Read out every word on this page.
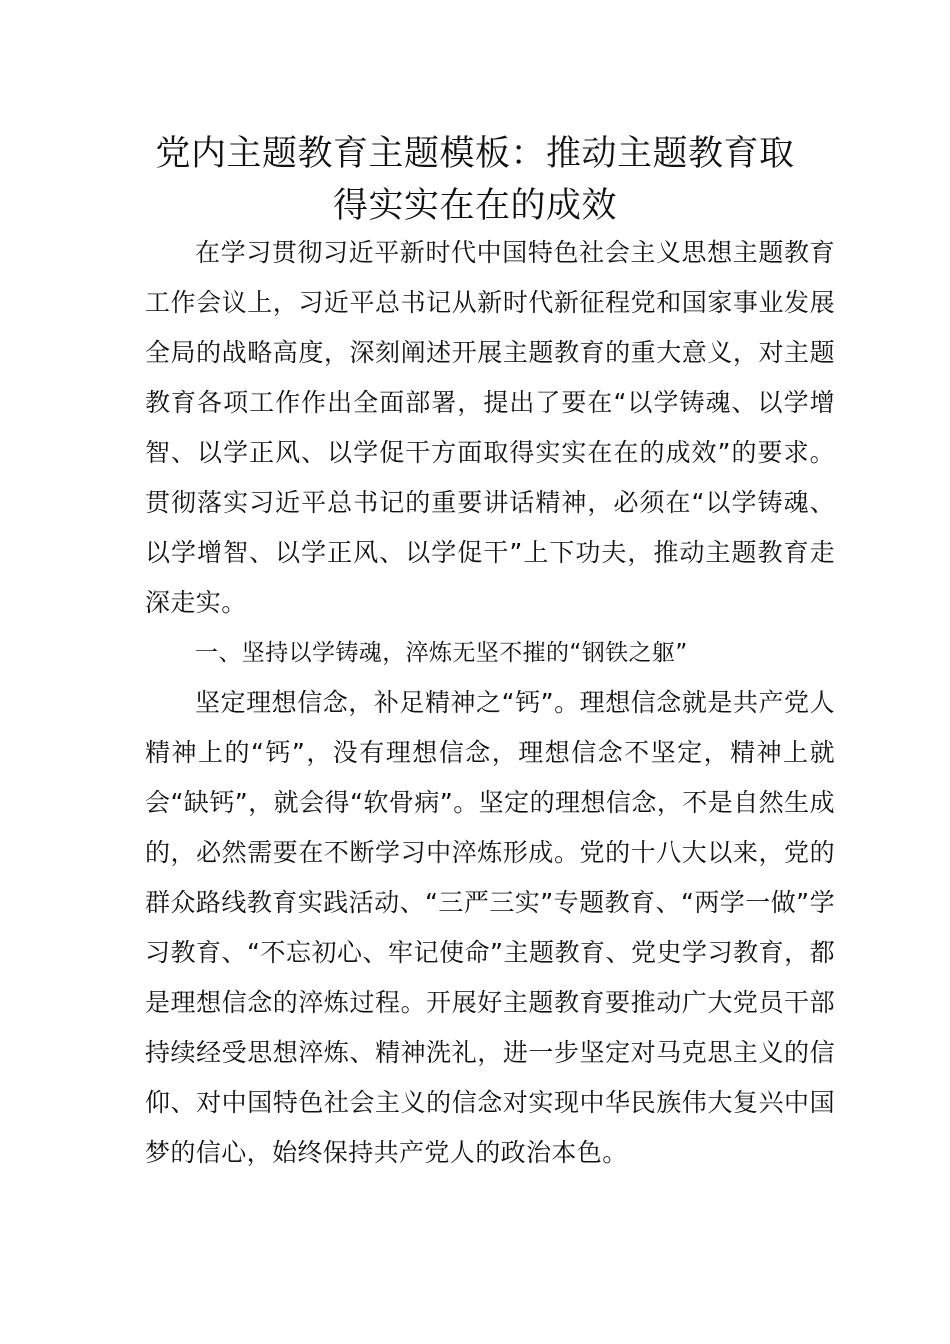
党内主题教育主题模板：推动主题教育取得实实在在的成效

在学习贯彻习近平新时代中国特色社会主义思想主题教育工作会议上，习近平总书记从新时代新征程党和国家事业发展全局的战略高度，深刻阐述开展主题教育的重大意义，对主题教育各项工作作出全面部署，提出了要在“以学铸魂、以学增智、以学正风、以学促干方面取得实实在在的成效”的要求。贯彻落实习近平总书记的重要讲话精神，必须在“以学铸魂、以学增智、以学正风、以学促干”上下功夫，推动主题教育走深走实。

一、坚持以学铸魂，淬炼无坚不摧的“钢铁之躯”

坚定理想信念，补足精神之“钙”。理想信念就是共产党人精神上的“钙”，没有理想信念，理想信念不坚定，精神上就会“缺钙”，就会得“软骨病”。坚定的理想信念，不是自然生成的，必然需要在不断学习中淬炼形成。党的十八大以来，党的群众路线教育实践活动、“三严三实”专题教育、“两学一做”学习教育、“不忘初心、牢记使命”主题教育、党史学习教育，都是理想信念的淬炼过程。开展好主题教育要推动广大党员干部持续经受思想淬炼、精神洗礼，进一步坚定对马克思主义的信仰、对中国特色社会主义的信念对实现中华民族伟大复兴中国梦的信心，始终保持共产党人的政治本色。
